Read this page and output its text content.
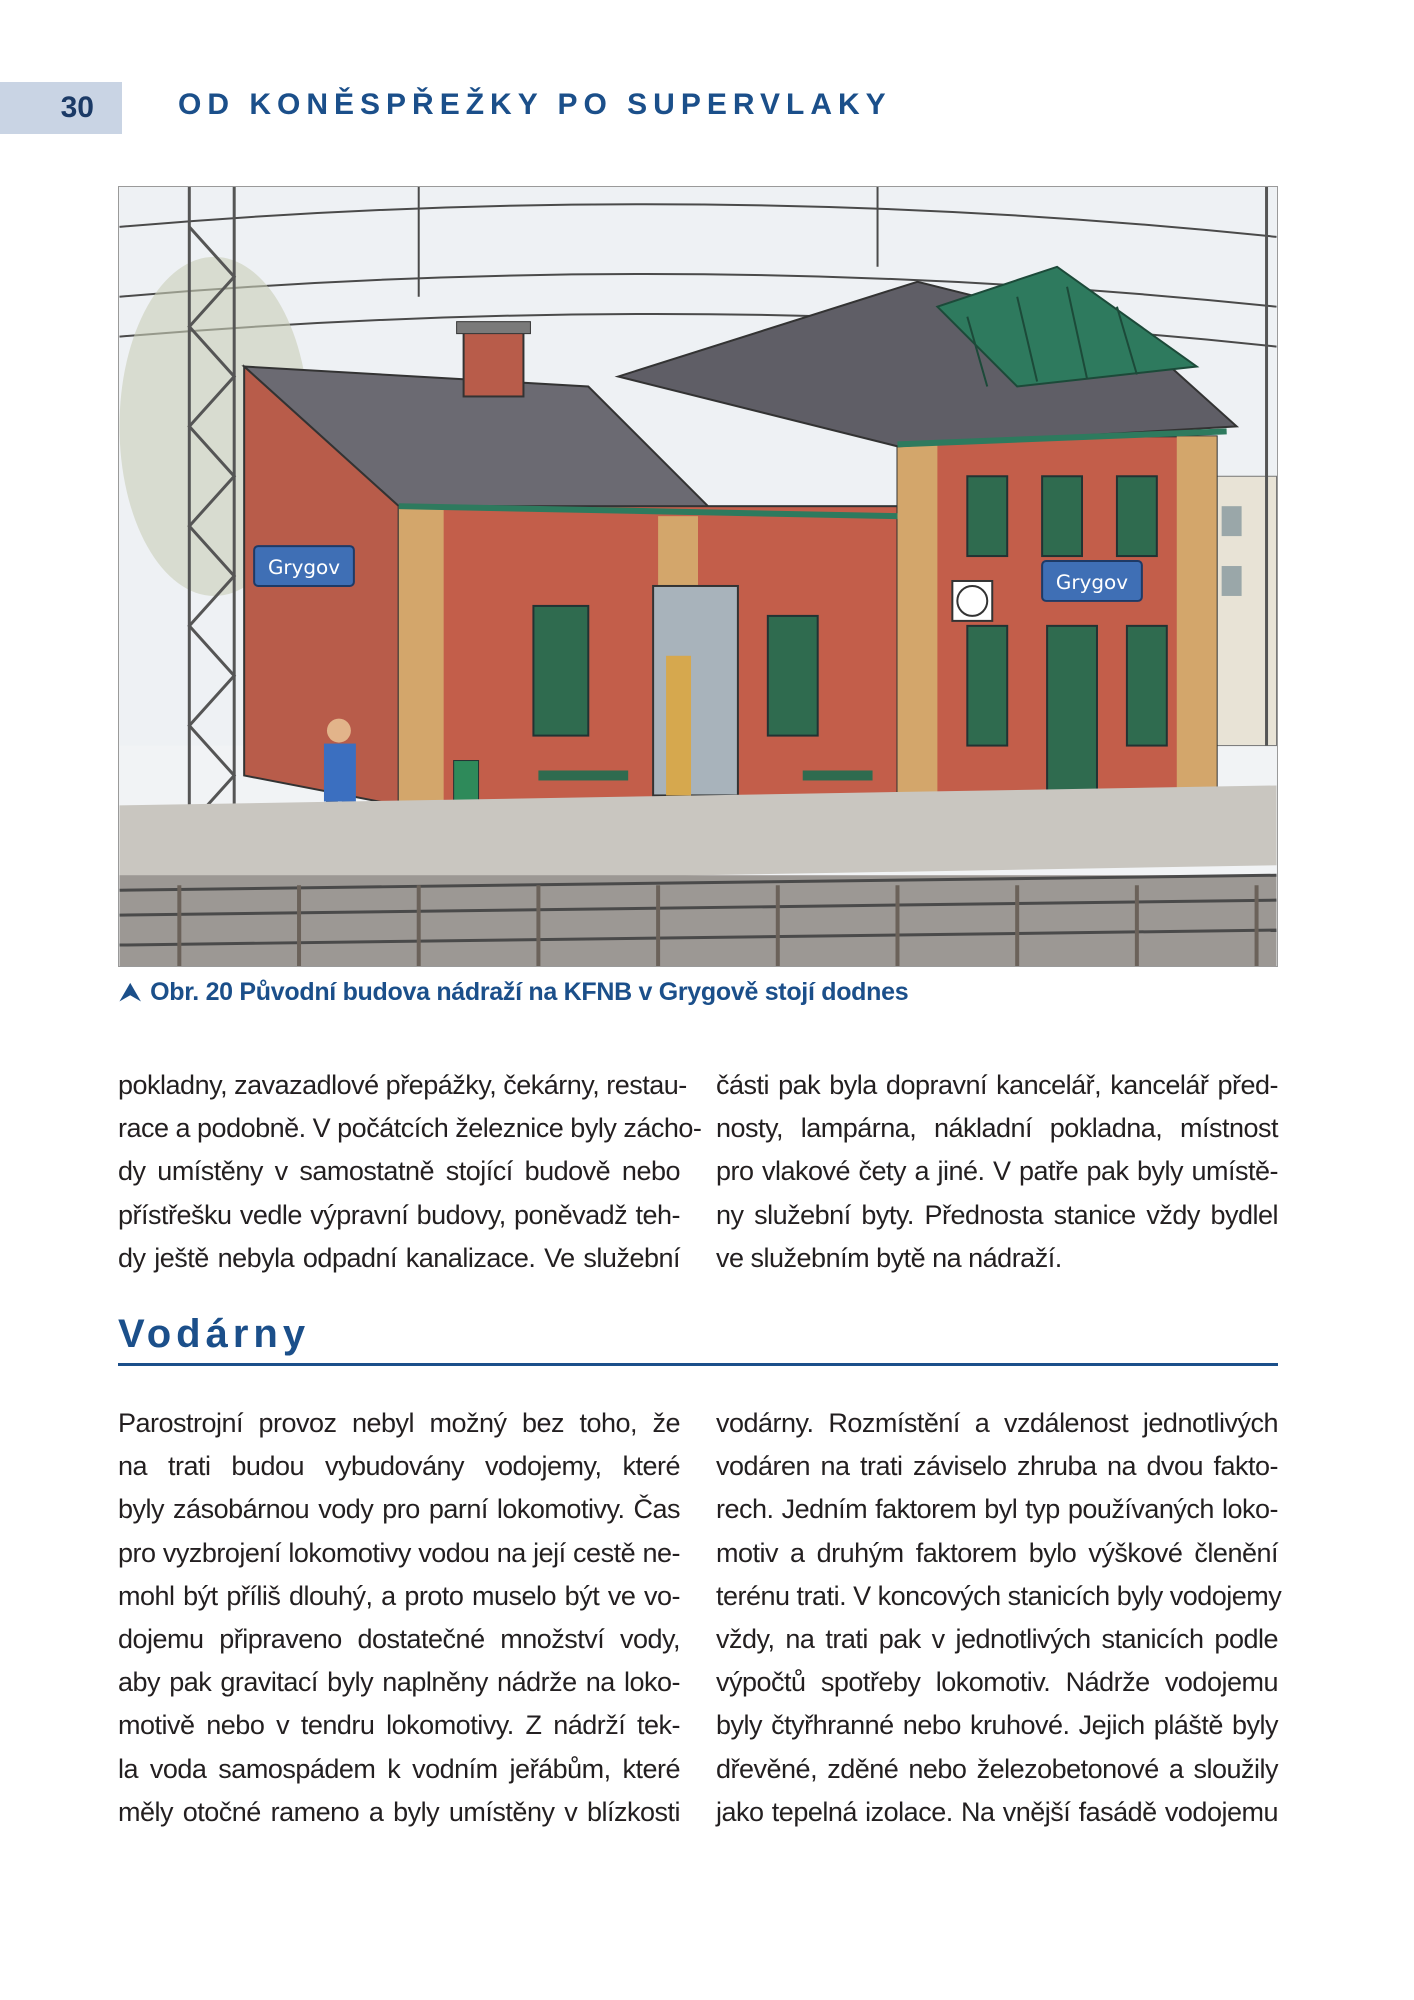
30	OD KONĚSPŘEŽKY PO SUPERVLAKY
Grygov
Grygov
⮝ Obr. 20 Původní budova nádraží na KFNB v Grygově stojí dodnes
pokladny, zavazadlové přepážky, čekárny, restau-
race a podobně. V počátcích železnice byly zácho-
dy umístěny v samostatně stojící budově nebo
přístřešku vedle výpravní budovy, poněvadž teh-
dy ještě nebyla odpadní kanalizace. Ve služební
části pak byla dopravní kancelář, kancelář před-
nosty, lampárna, nákladní pokladna, místnost
pro vlakové čety a jiné. V patře pak byly umístě-
ny služební byty. Přednosta stanice vždy bydlel
ve služebním bytě na nádraží.
Vodárny
Parostrojní provoz nebyl možný bez toho, že
na trati budou vybudovány vodojemy, které
byly zásobárnou vody pro parní lokomotivy. Čas
pro vyzbrojení lokomotivy vodou na její cestě ne-
mohl být příliš dlouhý, a proto muselo být ve vo-
dojemu připraveno dostatečné množství vody,
aby pak gravitací byly naplněny nádrže na loko-
motivě nebo v tendru lokomotivy. Z nádrží tek-
la voda samospádem k vodním jeřábům, které
měly otočné rameno a byly umístěny v blízkosti
vodárny. Rozmístění a vzdálenost jednotlivých
vodáren na trati záviselo zhruba na dvou fakto-
rech. Jedním faktorem byl typ používaných loko-
motiv a druhým faktorem bylo výškové členění
terénu trati. V koncových stanicích byly vodojemy
vždy, na trati pak v jednotlivých stanicích podle
výpočtů spotřeby lokomotiv. Nádrže vodojemu
byly čtyřhranné nebo kruhové. Jejich pláště byly
dřevěné, zděné nebo železobetonové a sloužily
jako tepelná izolace. Na vnější fasádě vodojemu
